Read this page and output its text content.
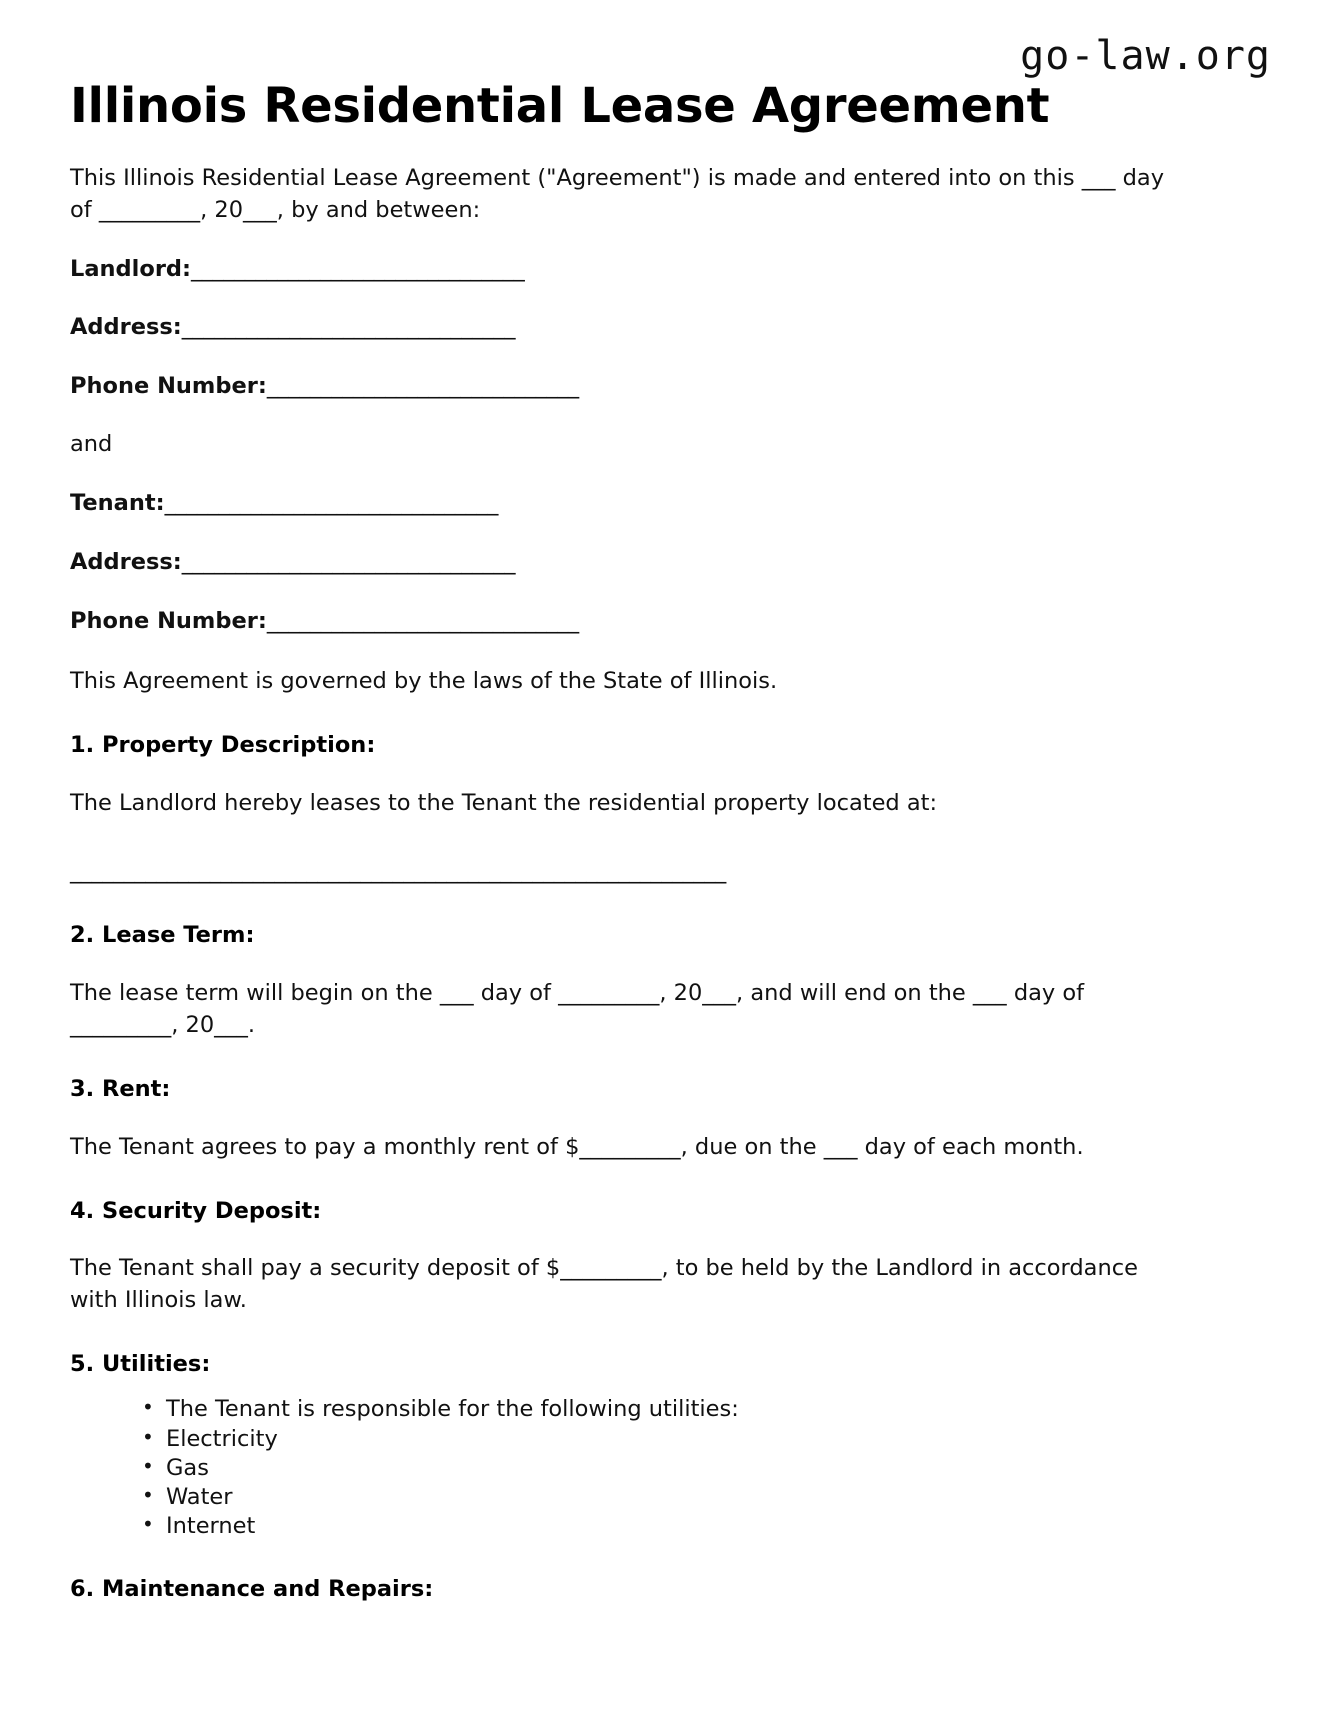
go-law.org
Illinois Residential Lease Agreement

This Illinois Residential Lease Agreement ("Agreement") is made and entered into on this ___ day of _________, 20___, by and between:

Landlord:_______________________________

Address:_______________________________

Phone Number:_____________________________

and

Tenant:_______________________________

Address:_______________________________

Phone Number:_____________________________

This Agreement is governed by the laws of the State of Illinois.

1. Property Description:

The Landlord hereby leases to the Tenant the residential property located at:

_____________________________________________________________

2. Lease Term:

The lease term will begin on the ___ day of _________, 20___, and will end on the ___ day of _________, 20___.

3. Rent:

The Tenant agrees to pay a monthly rent of $_________, due on the ___ day of each month.

4. Security Deposit:

The Tenant shall pay a security deposit of $_________, to be held by the Landlord in accordance with Illinois law.

5. Utilities:
• The Tenant is responsible for the following utilities:
• Electricity
• Gas
• Water
• Internet
6. Maintenance and Repairs:
